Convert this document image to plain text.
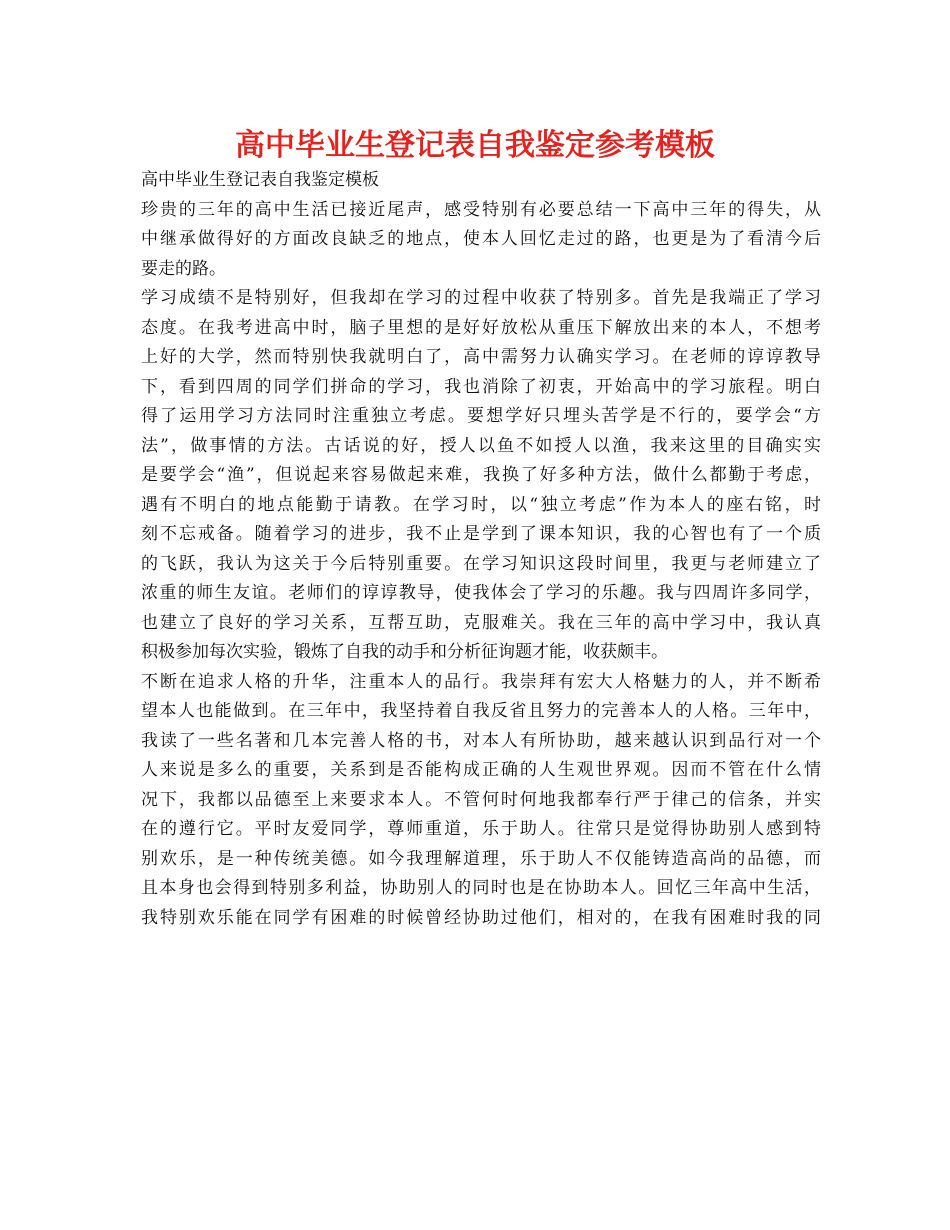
高中毕业生登记表自我鉴定参考模板
高中毕业生登记表自我鉴定模板
珍贵的三年的高中生活已接近尾声，感受特别有必要总结一下高中三年的得失，从
中继承做得好的方面改良缺乏的地点，使本人回忆走过的路，也更是为了看清今后
要走的路。
学习成绩不是特别好，但我却在学习的过程中收获了特别多。首先是我端正了学习
态度。在我考进高中时，脑子里想的是好好放松从重压下解放出来的本人，不想考
上好的大学，然而特别快我就明白了，高中需努力认确实学习。在老师的谆谆教导
下，看到四周的同学们拼命的学习，我也消除了初衷，开始高中的学习旅程。明白
得了运用学习方法同时注重独立考虑。要想学好只埋头苦学是不行的，要学会“方
法”，做事情的方法。古话说的好，授人以鱼不如授人以渔，我来这里的目确实实
是要学会“渔”，但说起来容易做起来难，我换了好多种方法，做什么都勤于考虑，
遇有不明白的地点能勤于请教。在学习时，以“独立考虑”作为本人的座右铭，时
刻不忘戒备。随着学习的进步，我不止是学到了课本知识，我的心智也有了一个质
的飞跃，我认为这关于今后特别重要。在学习知识这段时间里，我更与老师建立了
浓重的师生友谊。老师们的谆谆教导，使我体会了学习的乐趣。我与四周许多同学，
也建立了良好的学习关系，互帮互助，克服难关。我在三年的高中学习中，我认真
积极参加每次实验，锻炼了自我的动手和分析征询题才能，收获颇丰。
不断在追求人格的升华，注重本人的品行。我崇拜有宏大人格魅力的人，并不断希
望本人也能做到。在三年中，我坚持着自我反省且努力的完善本人的人格。三年中，
我读了一些名著和几本完善人格的书，对本人有所协助，越来越认识到品行对一个
人来说是多么的重要，关系到是否能构成正确的人生观世界观。因而不管在什么情
况下，我都以品德至上来要求本人。不管何时何地我都奉行严于律己的信条，并实
在的遵行它。平时友爱同学，尊师重道，乐于助人。往常只是觉得协助别人感到特
别欢乐，是一种传统美德。如今我理解道理，乐于助人不仅能铸造高尚的品德，而
且本身也会得到特别多利益，协助别人的同时也是在协助本人。回忆三年高中生活，
我特别欢乐能在同学有困难的时候曾经协助过他们，相对的，在我有困难时我的同
